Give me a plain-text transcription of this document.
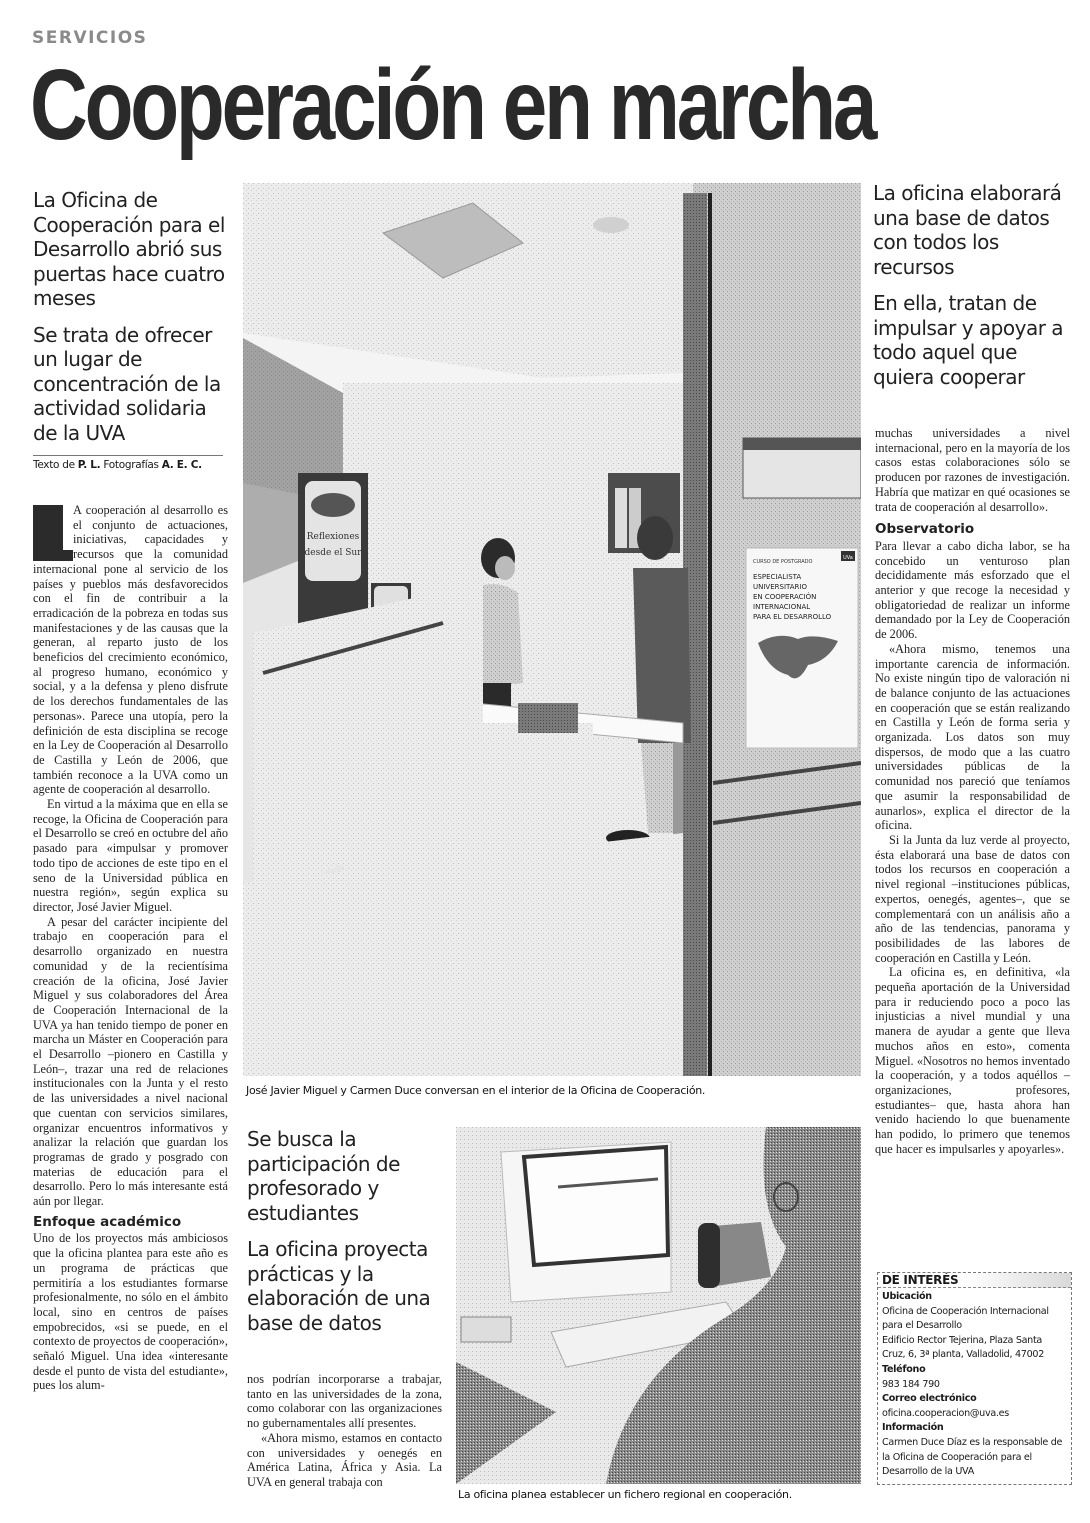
SERVICIOS
Cooperación en marcha

La Oficina de Cooperación para el Desarrollo abrió sus puertas hace cuatro meses

Se trata de ofrecer un lugar de concentración de la actividad solidaria de la UVA

Texto de P. L. Fotografías A. E. C.

A cooperación al desarrollo es el conjunto de actuaciones, iniciativas, capacidades y recursos que la comunidad internacional pone al servicio de los países y pueblos más desfavorecidos con el fin de contribuir a la erradicación de la pobreza en todas sus manifestaciones y de las causas que la generan, al reparto justo de los beneficios del crecimiento económico, al progreso humano, económico y social, y a la defensa y pleno disfrute de los derechos fundamentales de las personas». Parece una utopía, pero la definición de esta disciplina se recoge en la Ley de Cooperación al Desarrollo de Castilla y León de 2006, que también reconoce a la UVA como un agente de cooperación al desarrollo.

En virtud a la máxima que en ella se recoge, la Oficina de Cooperación para el Desarrollo se creó en octubre del año pasado para «impulsar y promover todo tipo de acciones de este tipo en el seno de la Universidad pública en nuestra región», según explica su director, José Javier Miguel.

A pesar del carácter incipiente del trabajo en cooperación para el desarrollo organizado en nuestra comunidad y de la recientísima creación de la oficina, José Javier Miguel y sus colaboradores del Área de Cooperación Internacional de la UVA ya han tenido tiempo de poner en marcha un Máster en Cooperación para el Desarrollo –pionero en Castilla y León–, trazar una red de relaciones institucionales con la Junta y el resto de las universidades a nivel nacional que cuentan con servicios similares, organizar encuentros informativos y analizar la relación que guardan los programas de grado y posgrado con materias de educación para el desarrollo. Pero lo más interesante está aún por llegar.

Enfoque académico

Uno de los proyectos más ambiciosos que la oficina plantea para este año es un programa de prácticas que permitiría a los estudiantes formarse profesionalmente, no sólo en el ámbito local, sino en centros de países empobrecidos, «si se puede, en el contexto de proyectos de cooperación», señaló Miguel. Una idea «interesante desde el punto de vista del estudiante», pues los alum-

Reflexiones
desde el Sur
CURSO DE POSTGRADO
ESPECIALISTA
UNIVERSITARIO
EN COOPERACIÓN
INTERNACIONAL
PARA EL DESARROLLO
UVa
José Javier Miguel y Carmen Duce conversan en el interior de la Oficina de Cooperación.

La oficina elaborará una base de datos con todos los recursos

En ella, tratan de impulsar y apoyar a todo aquel que quiera cooperar

muchas universidades a nivel internacional, pero en la mayoría de los casos estas colaboraciones sólo se producen por razones de investigación. Habría que matizar en qué ocasiones se trata de cooperación al desarrollo».

Observatorio

Para llevar a cabo dicha labor, se ha concebido un venturoso plan decididamente más esforzado que el anterior y que recoge la necesidad y obligatoriedad de realizar un informe demandado por la Ley de Cooperación de 2006.

«Ahora mismo, tenemos una importante carencia de información. No existe ningún tipo de valoración ni de balance conjunto de las actuaciones en cooperación que se están realizando en Castilla y León de forma seria y organizada. Los datos son muy dispersos, de modo que a las cuatro universidades públicas de la comunidad nos pareció que teníamos que asumir la responsabilidad de aunarlos», explica el director de la oficina.

Si la Junta da luz verde al proyecto, ésta elaborará una base de datos con todos los recursos en cooperación a nivel regional –instituciones públicas, expertos, oenegés, agentes–, que se complementará con un análisis año a año de las tendencias, panorama y posibilidades de las labores de cooperación en Castilla y León.

La oficina es, en definitiva, «la pequeña aportación de la Universidad para ir reduciendo poco a poco las injusticias a nivel mundial y una manera de ayudar a gente que lleva muchos años en esto», comenta Miguel. «Nosotros no hemos inventado la cooperación, y a todos aquéllos –organizaciones, profesores, estudiantes– que, hasta ahora han venido haciendo lo que buenamente han podido, lo primero que tenemos que hacer es impulsarles y apoyarles».

Se busca la participación de profesorado y estudiantes

La oficina proyecta prácticas y la elaboración de una base de datos

nos podrían incorporarse a trabajar, tanto en las universidades de la zona, como colaborar con las organizaciones no gubernamentales allí presentes.

«Ahora mismo, estamos en contacto con universidades y oenegés en América Latina, África y Asia. La UVA en general trabaja con

La oficina planea establecer un fichero regional en cooperación.
DE INTERÉS
Ubicación
Oficina de Cooperación Internacional
para el Desarrollo
Edificio Rector Tejerina, Plaza Santa
Cruz, 6, 3ª planta, Valladolid, 47002
Teléfono
983 184 790
Correo electrónico
oficina.cooperacion@uva.es
Información
Carmen Duce Díaz es la responsable de
la Oficina de Cooperación para el
Desarrollo de la UVA
